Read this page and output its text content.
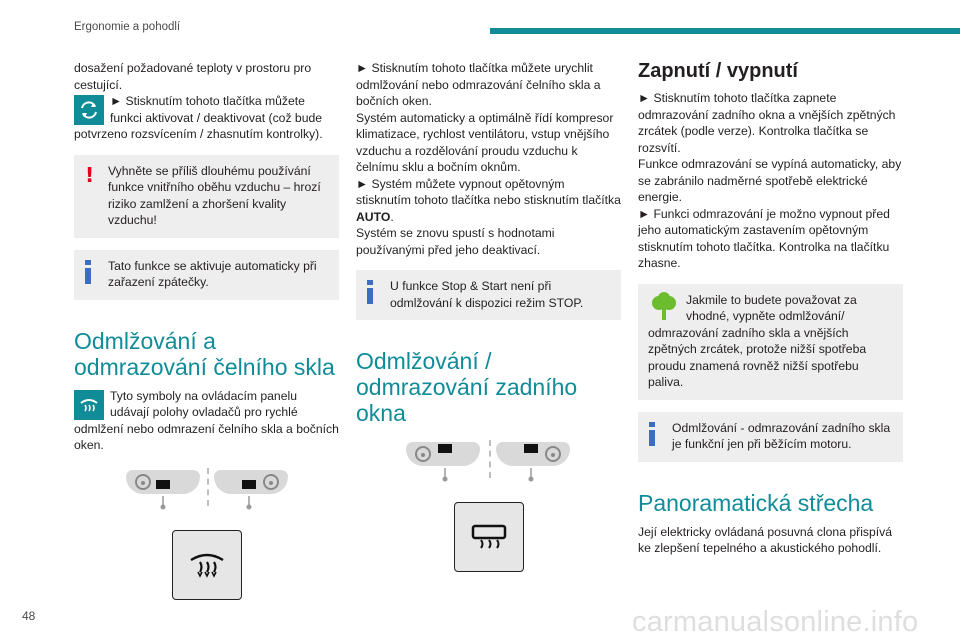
Ergonomie a pohodlí

dosažení požadované teploty v prostoru pro cestující.

► Stisknutím tohoto tlačítka můžete funkci aktivovat / deaktivovat (což bude potvrzeno rozsvícením / zhasnutím kontrolky).

! Vyhněte se příliš dlouhému používání funkce vnitřního oběhu vzduchu – hrozí riziko zamlžení a zhoršení kvality vzduchu!
Tato funkce se aktivuje automaticky při zařazení zpátečky.
Odmlžování a odmrazování čelního skla

Tyto symboly na ovládacím panelu udávají polohy ovladačů pro rychlé odmlžení nebo odmrazení čelního skla a bočních oken.

► Stisknutím tohoto tlačítka můžete urychlit odmlžování nebo odmrazování čelního skla a bočních oken.

Systém automaticky a optimálně řídí kompresor klimatizace, rychlost ventilátoru, vstup vnějšího vzduchu a rozdělování proudu vzduchu k čelnímu sklu a bočním oknům.

► Systém můžete vypnout opětovným stisknutím tohoto tlačítka nebo stisknutím tlačítka AUTO.

Systém se znovu spustí s hodnotami používanými před jeho deaktivací.

U funkce Stop & Start není při odmlžování k dispozici režim STOP.
Odmlžování / odmrazování zadního okna
Zapnutí / vypnutí

► Stisknutím tohoto tlačítka zapnete odmrazování zadního okna a vnějších zpětných zrcátek (podle verze). Kontrolka tlačítka se rozsvítí.

Funkce odmrazování se vypíná automaticky, aby se zabránilo nadměrné spotřebě elektrické energie.

► Funkci odmrazování je možno vypnout před jeho automatickým zastavením opětovným stisknutím tohoto tlačítka. Kontrolka na tlačítku zhasne.

Jakmile to budete považovat za vhodné, vypněte odmlžování/ odmrazování zadního skla a vnějších zpětných zrcátek, protože nižší spotřeba proudu znamená rovněž nižší spotřebu paliva.
Odmlžování - odmrazování zadního skla je funkční jen při běžícím motoru.
Panoramatická střecha

Její elektricky ovládaná posuvná clona přispívá ke zlepšení tepelného a akustického pohodlí.

48	carmanualsonline.info
